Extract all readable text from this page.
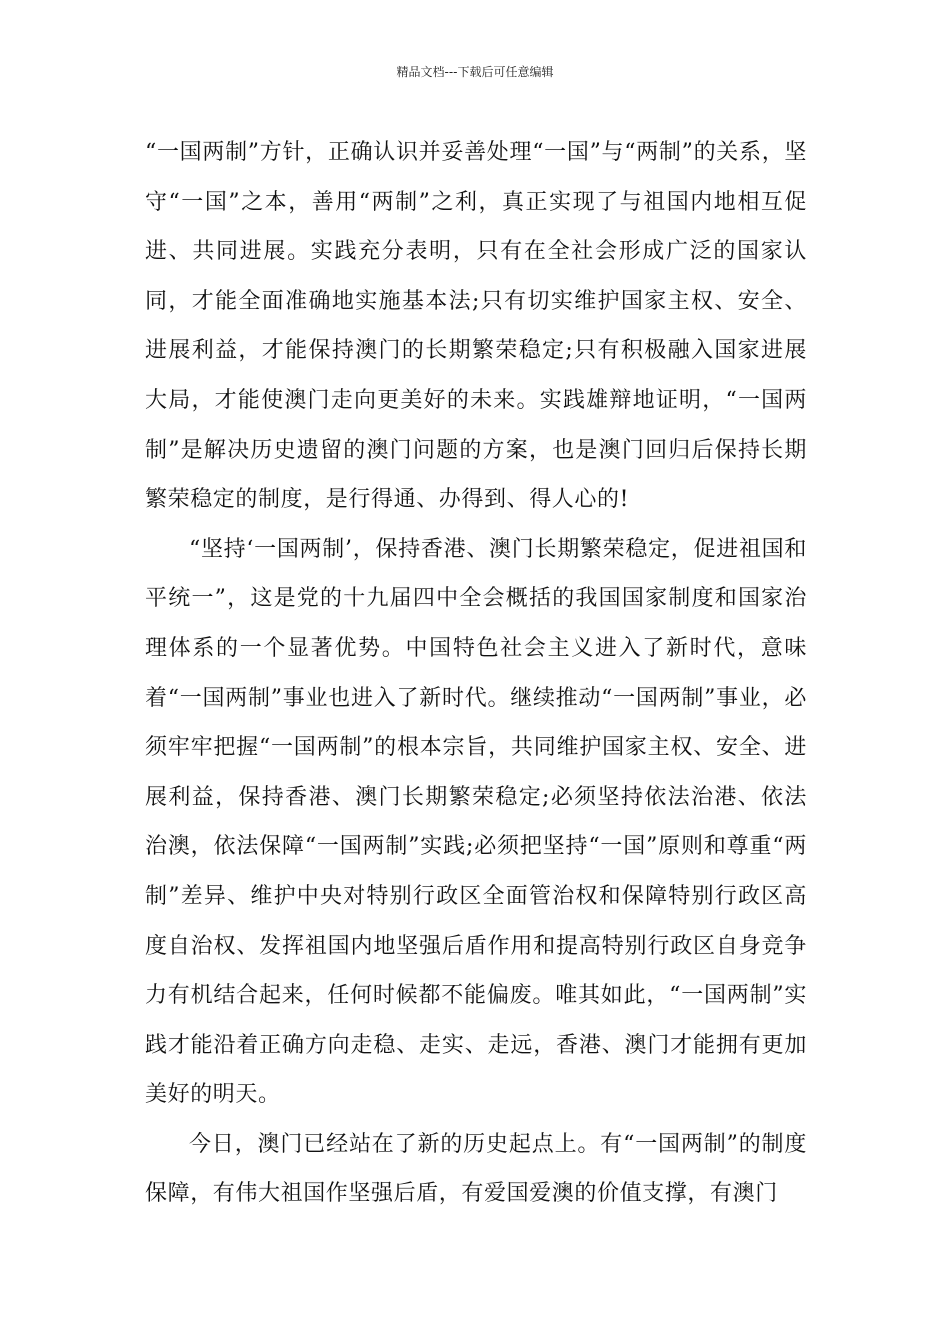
精品文档---下载后可任意编辑

“一国两制”方针，正确认识并妥善处理“一国”与“两制”的关系，坚守“一国”之本，善用“两制”之利，真正实现了与祖国内地相互促进、共同进展。实践充分表明，只有在全社会形成广泛的国家认同，才能全面准确地实施基本法;只有切实维护国家主权、安全、进展利益，才能保持澳门的长期繁荣稳定;只有积极融入国家进展大局，才能使澳门走向更美好的未来。实践雄辩地证明，“一国两制”是解决历史遗留的澳门问题的方案，也是澳门回归后保持长期繁荣稳定的制度，是行得通、办得到、得人心的!

“坚持‘一国两制’，保持香港、澳门长期繁荣稳定，促进祖国和平统一”，这是党的十九届四中全会概括的我国国家制度和国家治理体系的一个显著优势。中国特色社会主义进入了新时代，意味着“一国两制”事业也进入了新时代。继续推动“一国两制”事业，必须牢牢把握“一国两制”的根本宗旨，共同维护国家主权、安全、进展利益，保持香港、澳门长期繁荣稳定;必须坚持依法治港、依法治澳，依法保障“一国两制”实践;必须把坚持“一国”原则和尊重“两制”差异、维护中央对特别行政区全面管治权和保障特别行政区高度自治权、发挥祖国内地坚强后盾作用和提高特别行政区自身竞争力有机结合起来，任何时候都不能偏废。唯其如此，“一国两制”实践才能沿着正确方向走稳、走实、走远，香港、澳门才能拥有更加美好的明天。

今日，澳门已经站在了新的历史起点上。有“一国两制”的制度保障，有伟大祖国作坚强后盾，有爱国爱澳的价值支撑，有澳门
